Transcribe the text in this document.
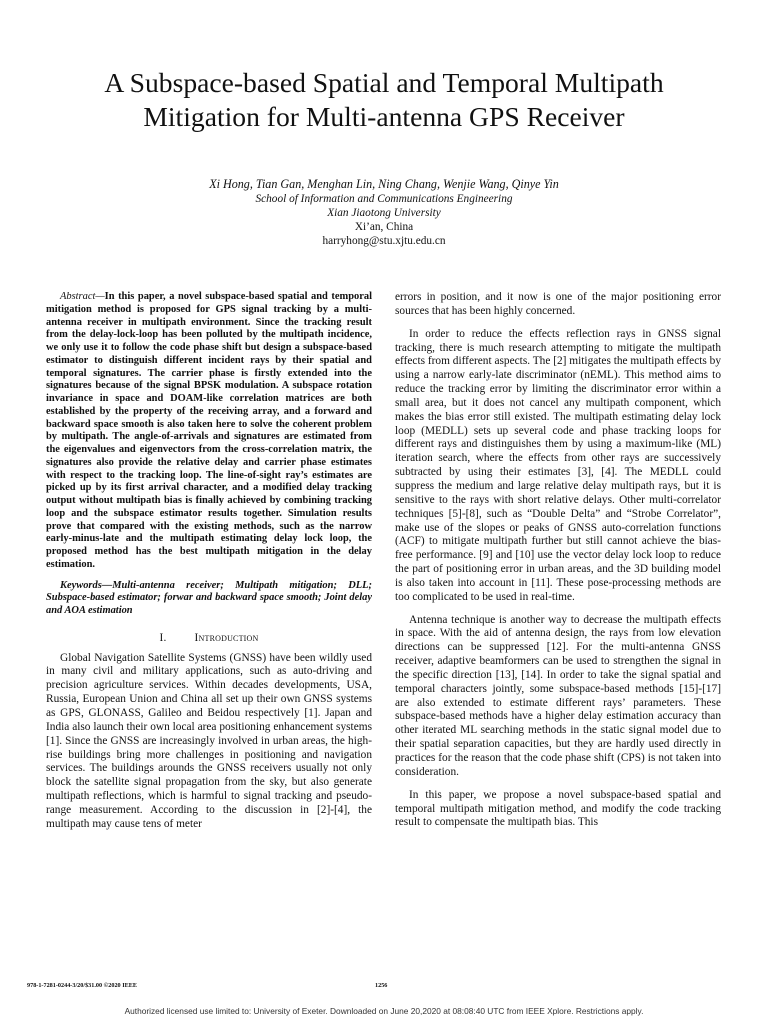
A Subspace-based Spatial and Temporal Multipath
Mitigation for Multi-antenna GPS Receiver
Xi Hong, Tian Gan, Menghan Lin, Ning Chang, Wenjie Wang, Qinye Yin
School of Information and Communications Engineering
Xian Jiaotong University
Xi’an, China
harryhong@stu.xjtu.edu.cn

Abstract—In this paper, a novel subspace-based spatial and temporal mitigation method is proposed for GPS signal tracking by a multi-antenna receiver in multipath environment. Since the tracking result from the delay-lock-loop has been polluted by the multipath incidence, we only use it to follow the code phase shift but design a subspace-based estimator to distinguish different incident rays by their spatial and temporal signatures. The carrier phase is firstly extended into the signatures because of the signal BPSK modulation. A subspace rotation invariance in space and DOAM-like correlation matrices are both established by the property of the receiving array, and a forward and backward space smooth is also taken here to solve the coherent problem by multipath. The angle-of-arrivals and signatures are estimated from the eigenvalues and eigenvectors from the cross-correlation matrix, the signatures also provide the relative delay and carrier phase estimates with respect to the tracking loop. The line-of-sight ray’s estimates are picked up by its first arrival character, and a modified delay tracking output without multipath bias is finally achieved by combining tracking loop and the subspace estimator results together. Simulation results prove that compared with the existing methods, such as the narrow early-minus-late and the multipath estimating delay lock loop, the proposed method has the best multipath mitigation in the delay estimation.

Keywords—Multi-antenna receiver; Multipath mitigation; DLL; Subspace-based estimator; forwar and backward space smooth; Joint delay and AOA estimation

I. Introduction

Global Navigation Satellite Systems (GNSS) have been wildly used in many civil and military applications, such as auto-driving and precision agriculture services. Within decades developments, USA, Russia, European Union and China all set up their own GNSS systems as GPS, GLONASS, Galileo and Beidou respectively [1]. Japan and India also launch their own local area positioning enhancement systems [1]. Since the GNSS are increasingly involved in urban areas, the high-rise buildings bring more challenges in positioning and navigation services. The buildings arounds the GNSS receivers usually not only block the satellite signal propagation from the sky, but also generate multipath reflections, which is harmful to signal tracking and pseudo-range measurement. According to the discussion in [2]-[4], the multipath may cause tens of meter

errors in position, and it now is one of the major positioning error sources that has been highly concerned.

In order to reduce the effects reflection rays in GNSS signal tracking, there is much research attempting to mitigate the multipath effects from different aspects. The [2] mitigates the multipath effects by using a narrow early-late discriminator (nEML). This method aims to reduce the tracking error by limiting the discriminator error within a small area, but it does not cancel any multipath component, which makes the bias error still existed. The multipath estimating delay lock loop (MEDLL) sets up several code and phase tracking loops for different rays and distinguishes them by using a maximum-like (ML) iteration search, where the effects from other rays are successively subtracted by using their estimates [3], [4]. The MEDLL could suppress the medium and large relative delay multipath rays, but it is sensitive to the rays with short relative delays. Other multi-correlator techniques [5]-[8], such as “Double Delta” and “Strobe Correlator”, make use of the slopes or peaks of GNSS auto-correlation functions (ACF) to mitigate multipath further but still cannot achieve the bias-free performance. [9] and [10] use the vector delay lock loop to reduce the part of positioning error in urban areas, and the 3D building model is also taken into account in [11]. These pose-processing methods are too complicated to be used in real-time.

Antenna technique is another way to decrease the multipath effects in space. With the aid of antenna design, the rays from low elevation directions can be suppressed [12]. For the multi-antenna GNSS receiver, adaptive beamformers can be used to strengthen the signal in the specific direction [13], [14]. In order to take the signal spatial and temporal characters jointly, some subspace-based methods [15]-[17] are also extended to estimate different rays’ parameters. These subspace-based methods have a higher delay estimation accuracy than other iterated ML searching methods in the static signal model due to their spatial separation capacities, but they are hardly used directly in practices for the reason that the code phase shift (CPS) is not taken into consideration.

In this paper, we propose a novel subspace-based spatial and temporal multipath mitigation method, and modify the code tracking result to compensate the multipath bias. This

978-1-7281-0244-3/20/$31.00 ©2020 IEEE	1256
Authorized licensed use limited to: University of Exeter. Downloaded on June 20,2020 at 08:08:40 UTC from IEEE Xplore. Restrictions apply.
